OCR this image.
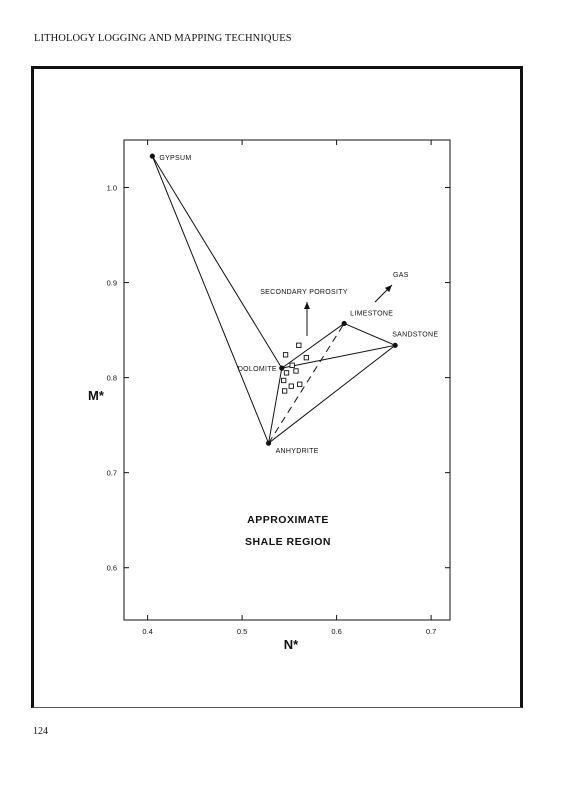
LITHOLOGY LOGGING AND MAPPING TECHNIQUES
0.4	0.5	0.6	0.7
0.6
0.7
0.8
0.9
1.0
N*
M*
GYPSUM
DOLOMITE
LIMESTONE
SANDSTONE
ANHYDRITE
SECONDARY POROSITY
GAS
APPROXIMATE
SHALE REGION
124
